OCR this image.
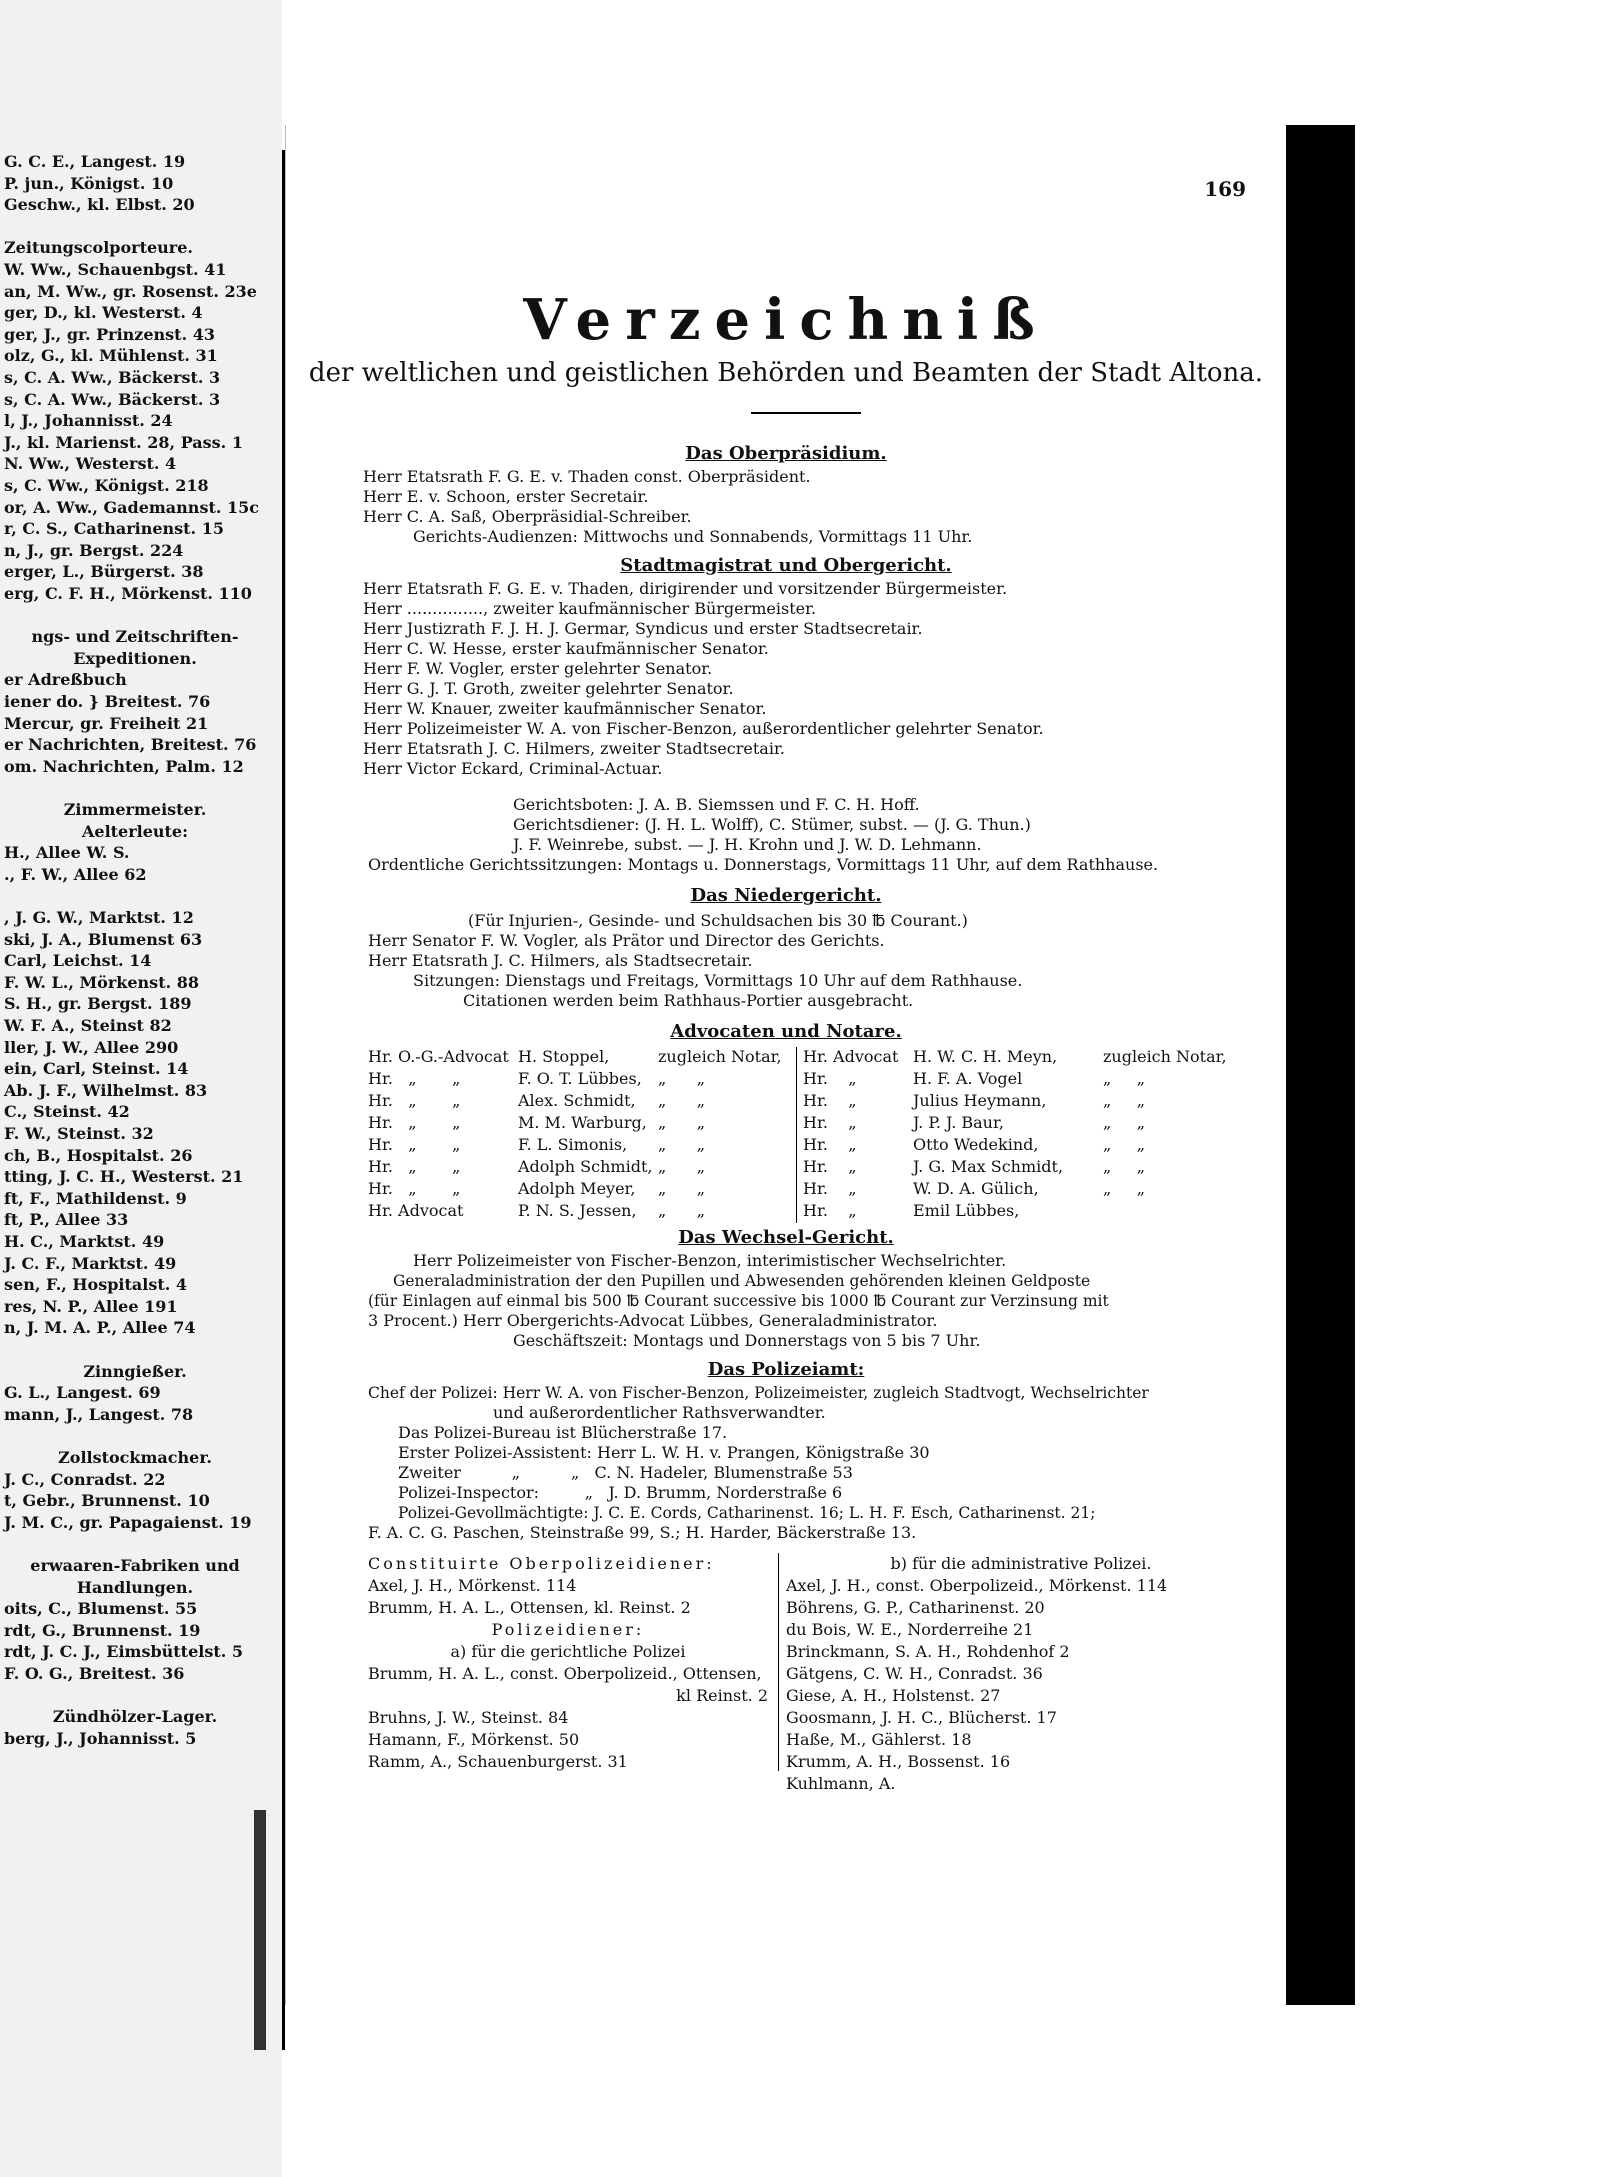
G. C. E., Langest. 19
P. jun., Königst. 10
Geschw., kl. Elbst. 20
Zeitungscolporteure.
W. Ww., Schauenbgst. 41
an, M. Ww., gr. Rosenst. 23e
ger, D., kl. Westerst. 4
ger, J., gr. Prinzenst. 43
olz, G., kl. Mühlenst. 31
s, C. A. Ww., Bäckerst. 3
s, C. A. Ww., Bäckerst. 3
l, J., Johannisst. 24
J., kl. Marienst. 28, Pass. 1
N. Ww., Westerst. 4
s, C. Ww., Königst. 218
or, A. Ww., Gademannst. 15c
r, C. S., Catharinenst. 15
n, J., gr. Bergst. 224
erger, L., Bürgerst. 38
erg, C. F. H., Mörkenst. 110
ngs- und Zeitschriften-
Expeditionen.
er Adreßbuch
iener do. } Breitest. 76
Mercur, gr. Freiheit 21
er Nachrichten, Breitest. 76
om. Nachrichten, Palm. 12
Zimmermeister.
Aelterleute:
H., Allee W. S.
., F. W., Allee 62
, J. G. W., Marktst. 12
ski, J. A., Blumenst 63
Carl, Leichst. 14
F. W. L., Mörkenst. 88
S. H., gr. Bergst. 189
W. F. A., Steinst 82
ller, J. W., Allee 290
ein, Carl, Steinst. 14
Ab. J. F., Wilhelmst. 83
C., Steinst. 42
F. W., Steinst. 32
ch, B., Hospitalst. 26
tting, J. C. H., Westerst. 21
ft, F., Mathildenst. 9
ft, P., Allee 33
H. C., Marktst. 49
J. C. F., Marktst. 49
sen, F., Hospitalst. 4
res, N. P., Allee 191
n, J. M. A. P., Allee 74
Zinngießer.
G. L., Langest. 69
mann, J., Langest. 78
Zollstockmacher.
J. C., Conradst. 22
t, Gebr., Brunnenst. 10
J. M. C., gr. Papagaienst. 19
erwaaren-Fabriken und
Handlungen.
oits, C., Blumenst. 55
rdt, G., Brunnenst. 19
rdt, J. C. J., Eimsbüttelst. 5
F. O. G., Breitest. 36
Zündhölzer-Lager.
berg, J., Johannisst. 5
169
Verzeichniß
der weltlichen und geistlichen Behörden und Beamten der Stadt Altona.
Das Oberpräsidium.
Herr Etatsrath F. G. E. v. Thaden const. Oberpräsident.
Herr E. v. Schoon, erster Secretair.
Herr C. A. Saß, Oberpräsidial-Schreiber.
Gerichts-Audienzen: Mittwochs und Sonnabends, Vormittags 11 Uhr.
Stadtmagistrat und Obergericht.
Gerichtsboten: J. A. B. Siemssen und F. C. H. Hoff.
Gerichtsdiener: (J. H. L. Wolff), C. Stümer, subst. — (J. G. Thun.)
J. F. Weinrebe, subst. — J. H. Krohn und J. W. D. Lehmann.
Ordentliche Gerichtssitzungen: Montags u. Donnerstags, Vormittags 11 Uhr, auf dem Rathhause.
Das Niedergericht.
(Für Injurien-, Gesinde- und Schuldsachen bis 30 ℔ Courant.)
Herr Senator F. W. Vogler, als Prätor und Director des Gerichts.
Herr Etatsrath J. C. Hilmers, als Stadtsecretair.
Sitzungen: Dienstags und Freitags, Vormittags 10 Uhr auf dem Rathhause.
Citationen werden beim Rathhaus-Portier ausgebracht.
Advocaten und Notare.
Das Wechsel-Gericht.
Herr Polizeimeister von Fischer-Benzon, interimistischer Wechselrichter.
Generaladministration der den Pupillen und Abwesenden gehörenden kleinen Geldposte
(für Einlagen auf einmal bis 500 ℔ Courant successive bis 1000 ℔ Courant zur Verzinsung mit
3 Procent.) Herr Obergerichts-Advocat Lübbes, Generaladministrator.
Geschäftszeit: Montags und Donnerstags von 5 bis 7 Uhr.
Das Polizeiamt:
Chef der Polizei: Herr W. A. von Fischer-Benzon, Polizeimeister, zugleich Stadtvogt, Wechselrichter
und außerordentlicher Rathsverwandter.
Das Polizei-Bureau ist Blücherstraße 17.
Erster Polizei-Assistent: Herr L. W. H. v. Prangen, Königstraße 30
Zweiter          „          „   C. N. Hadeler, Blumenstraße 53
Polizei-Inspector:         „   J. D. Brumm, Norderstraße 6
Polizei-Gevollmächtigte: J. C. E. Cords, Catharinenst. 16; L. H. F. Esch, Catharinenst. 21;
F. A. C. G. Paschen, Steinstraße 99, S.; H. Harder, Bäckerstraße 13.
Herr Etatsrath F. G. E. v. Thaden, dirigirender und vorsitzender Bürgermeister.
Herr ..............., zweiter kaufmännischer Bürgermeister.
Herr Justizrath F. J. H. J. Germar, Syndicus und erster Stadtsecretair.
Herr C. W. Hesse, erster kaufmännischer Senator.
Herr F. W. Vogler, erster gelehrter Senator.
Herr G. J. T. Groth, zweiter gelehrter Senator.
Herr W. Knauer, zweiter kaufmännischer Senator.
Herr Polizeimeister W. A. von Fischer-Benzon, außerordentlicher gelehrter Senator.
Herr Etatsrath J. C. Hilmers, zweiter Stadtsecretair.
Herr Victor Eckard, Criminal-Actuar.
Hr. O.-G.-Advocat H. Stoppel,	zugleich Notar,
Hr.   „       „	F. O. T. Lübbes, „      „
Hr.   „       „	Alex. Schmidt, „      „
Hr.   „       „	M. M. Warburg, „      „
Hr.   „       „	F. L. Simonis, „      „
Hr.   „       „	Adolph Schmidt, „      „
Hr.   „       „	Adolph Meyer, „      „
Hr. Advocat	P. N. S. Jessen, „      „
Hr. Advocat H. W. C. H. Meyn,	zugleich Notar,
Hr.    „	H. F. A. Vogel	„     „
Hr.    „	Julius Heymann,	„     „
Hr.    „	J. P. J. Baur,	„     „
Hr.    „	Otto Wedekind,	„     „
Hr.    „	J. G. Max Schmidt, „     „
Hr.    „	W. D. A. Gülich,	„     „
Hr.    „	Emil Lübbes,
Constituirte Oberpolizeidiener:
Axel, J. H., Mörkenst. 114
Brumm, H. A. L., Ottensen, kl. Reinst. 2
Polizeidiener:
a) für die gerichtliche Polizei
Brumm, H. A. L., const. Oberpolizeid., Ottensen,
kl Reinst. 2
Bruhns, J. W., Steinst. 84
Hamann, F., Mörkenst. 50
Ramm, A., Schauenburgerst. 31
b) für die administrative Polizei.
Axel, J. H., const. Oberpolizeid., Mörkenst. 114
Böhrens, G. P., Catharinenst. 20
du Bois, W. E., Norderreihe 21
Brinckmann, S. A. H., Rohdenhof 2
Gätgens, C. W. H., Conradst. 36
Giese, A. H., Holstenst. 27
Goosmann, J. H. C., Blücherst. 17
Haße, M., Gählerst. 18
Krumm, A. H., Bossenst. 16
Kuhlmann, A.
